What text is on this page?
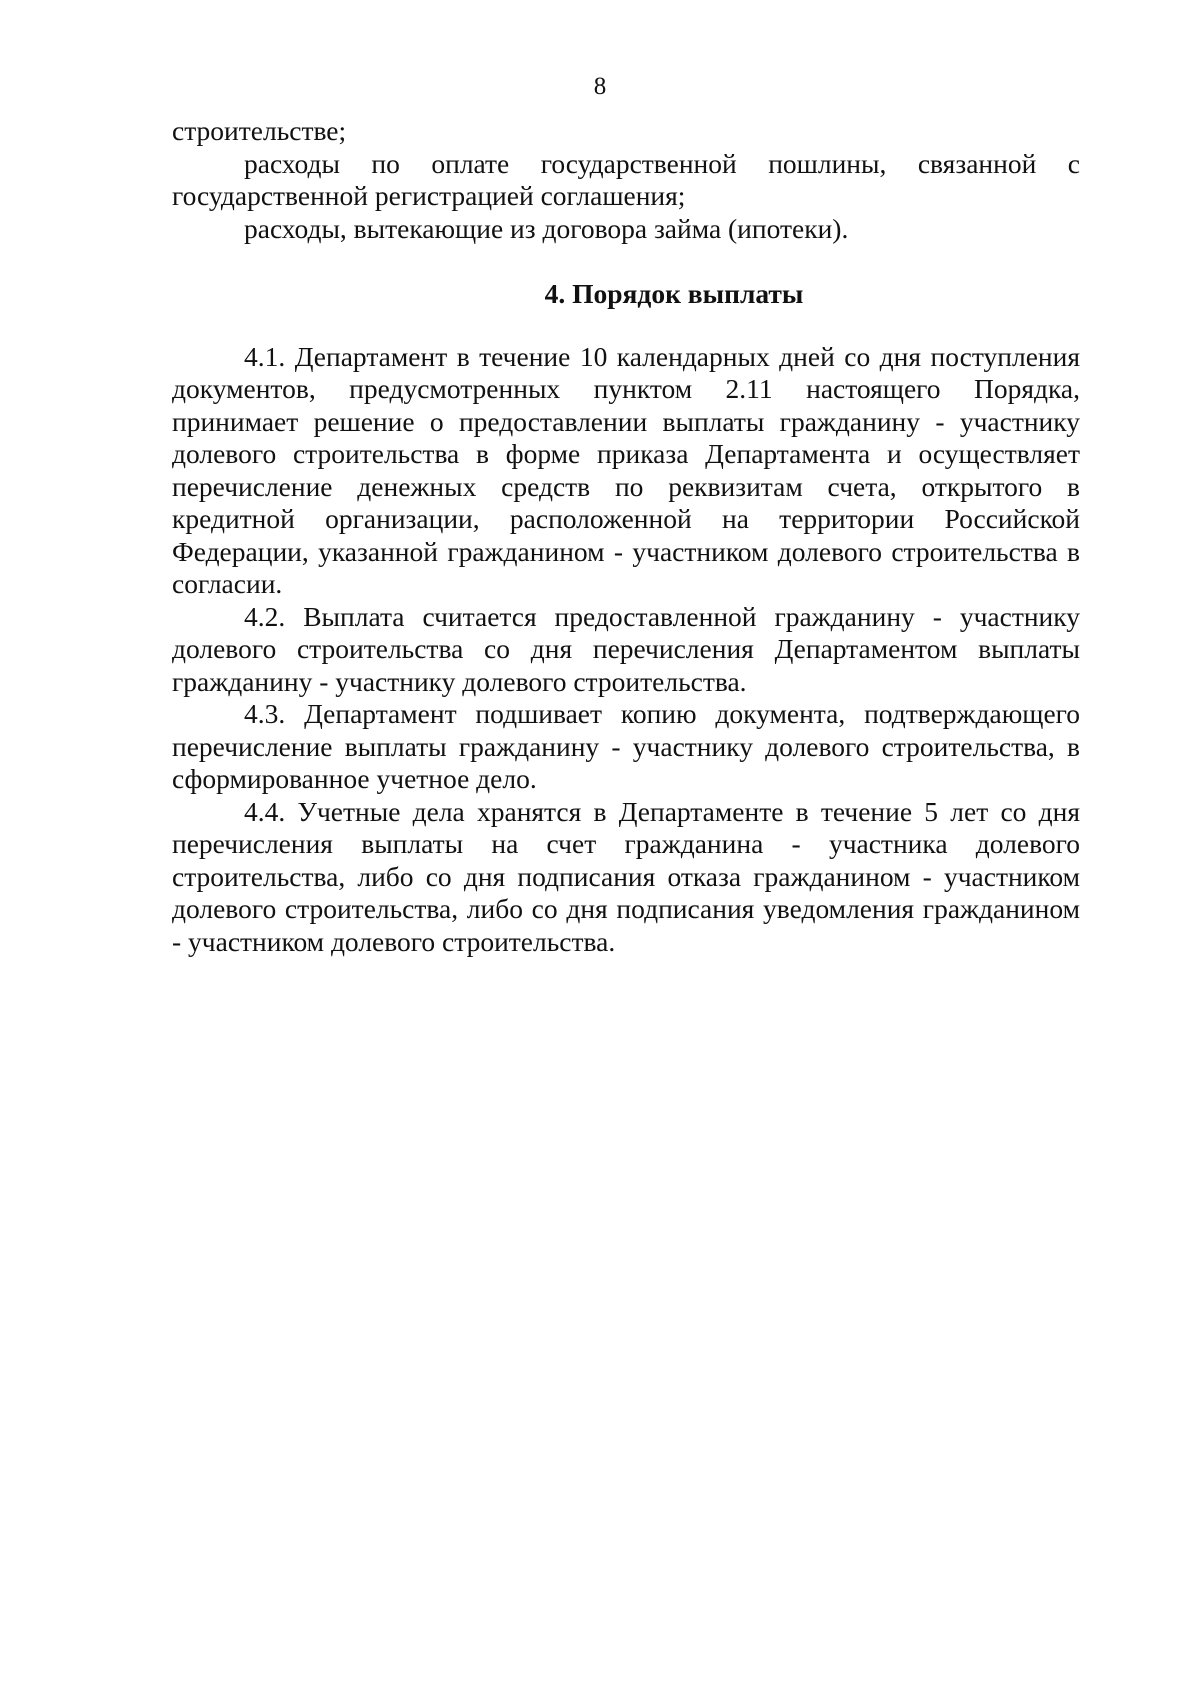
8

строительстве;

расходы по оплате государственной пошлины, связанной с государственной регистрацией соглашения;

расходы, вытекающие из договора займа (ипотеки).

4. Порядок выплаты

4.1. Департамент в течение 10 календарных дней со дня поступления документов, предусмотренных пунктом 2.11 настоящего Порядка, принимает решение о предоставлении выплаты гражданину - участнику долевого строительства в форме приказа Департамента и осуществляет перечисление денежных средств по реквизитам счета, открытого в кредитной организации, расположенной на территории Российской Федерации, указанной гражданином - участником долевого строительства в согласии.

4.2. Выплата считается предоставленной гражданину - участнику долевого строительства со дня перечисления Департаментом выплаты гражданину - участнику долевого строительства.

4.3. Департамент подшивает копию документа, подтверждающего перечисление выплаты гражданину - участнику долевого строительства, в сформированное учетное дело.

4.4. Учетные дела хранятся в Департаменте в течение 5 лет со дня перечисления выплаты на счет гражданина - участника долевого строительства, либо со дня подписания отказа гражданином - участником долевого строительства, либо со дня подписания уведомления гражданином - участником долевого строительства.
